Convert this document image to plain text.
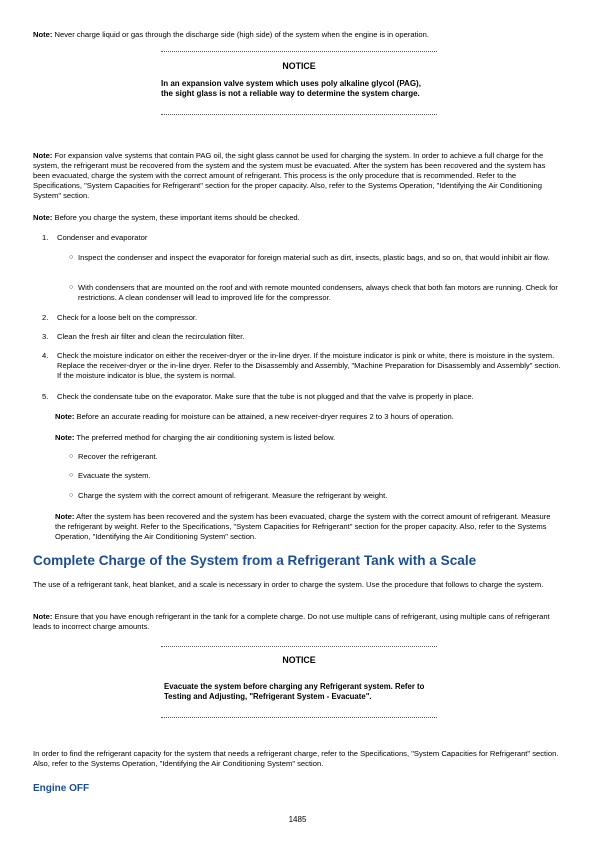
Note: Never charge liquid or gas through the discharge side (high side) of the system when the engine is in operation.

NOTICE
In an expansion valve system which uses poly alkaline glycol (PAG), the sight glass is not a reliable way to determine the system charge.

Note: For expansion valve systems that contain PAG oil, the sight glass cannot be used for charging the system. In order to achieve a full charge for the system, the refrigerant must be recovered from the system and the system must be evacuated. After the system has been recovered and the system has been evacuated, charge the system with the correct amount of refrigerant. This process is the only procedure that is recommended. Refer to the Specifications, "System Capacities for Refrigerant" section for the proper capacity. Also, refer to the Systems Operation, "Identifying the Air Conditioning System" section.

Note: Before you charge the system, these important items should be checked.

1. Condenser and evaporator

○ Inspect the condenser and inspect the evaporator for foreign material such as dirt, insects, plastic bags, and so on, that would inhibit air flow.

○ With condensers that are mounted on the roof and with remote mounted condensers, always check that both fan motors are running. Check for restrictions. A clean condenser will lead to improved life for the compressor.

2. Check for a loose belt on the compressor.

3. Clean the fresh air filter and clean the recirculation filter.

4. Check the moisture indicator on either the receiver-dryer or the in-line dryer. If the moisture indicator is pink or white, there is moisture in the system. Replace the receiver-dryer or the in-line dryer. Refer to the Disassembly and Assembly, "Machine Preparation for Disassembly and Assembly" section. If the moisture indicator is blue, the system is normal.

5. Check the condensate tube on the evaporator. Make sure that the tube is not plugged and that the valve is properly in place.

Note: Before an accurate reading for moisture can be attained, a new receiver-dryer requires 2 to 3 hours of operation.

Note: The preferred method for charging the air conditioning system is listed below.

○ Recover the refrigerant.

○ Evacuate the system.

○ Charge the system with the correct amount of refrigerant. Measure the refrigerant by weight.

Note: After the system has been recovered and the system has been evacuated, charge the system with the correct amount of refrigerant. Measure the refrigerant by weight. Refer to the Specifications, "System Capacities for Refrigerant" section for the proper capacity. Also, refer to the Systems Operation, "Identifying the Air Conditioning System" section.

Complete Charge of the System from a Refrigerant Tank with a Scale

The use of a refrigerant tank, heat blanket, and a scale is necessary in order to charge the system. Use the procedure that follows to charge the system.

Note: Ensure that you have enough refrigerant in the tank for a complete charge. Do not use multiple cans of refrigerant, using multiple cans of refrigerant leads to incorrect charge amounts.

NOTICE
Evacuate the system before charging any Refrigerant system. Refer to Testing and Adjusting, "Refrigerant System - Evacuate".

In order to find the refrigerant capacity for the system that needs a refrigerant charge, refer to the Specifications, "System Capacities for Refrigerant" section. Also, refer to the Systems Operation, "Identifying the Air Conditioning System" section.

Engine OFF
1485
